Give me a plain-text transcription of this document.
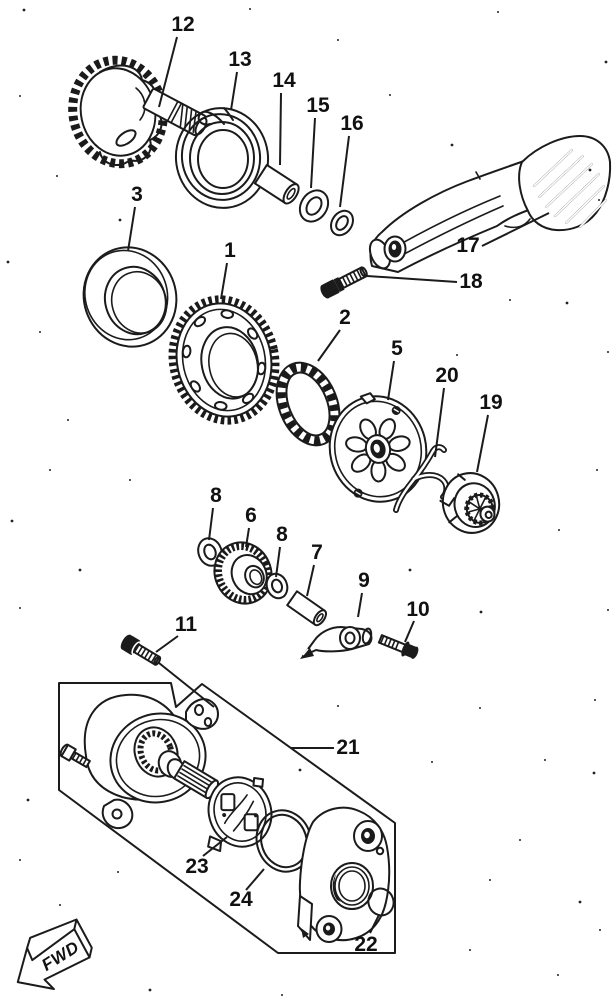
FWD
12
13
14
15
16
17
18
3
1
2
5
20
19
8
6
8
7
9
10
11
21
23
24
22
